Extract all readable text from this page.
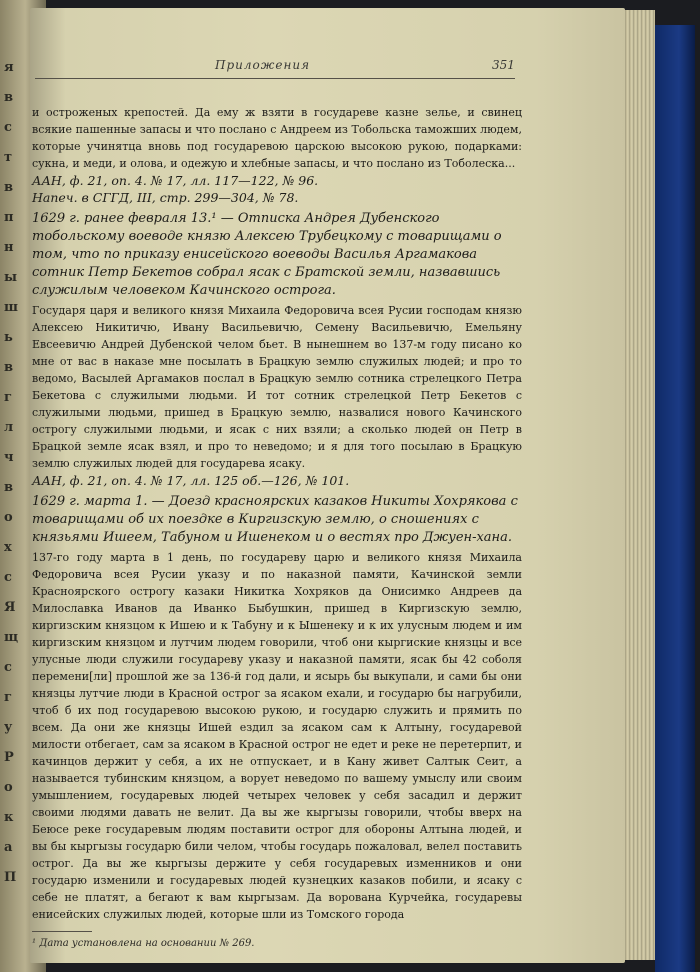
я
в
с
т
в
п
н
ы
ш
ь
в
г
л
ч
в
о
х
с
Я
щ
с
г
у
Р
о
к
а
П
Приложения	351

и остроженых крепостей. Да ему ж взяти в государеве казне зелье, и свинец всякие пашенные запасы и что послано с Андреем из Тобольска таможших людем, которые учинятца вновь под государевою царскою высокою рукою, подарками: сукна, и меди, и олова, и одежую и хлебные запасы, и что послано из Тоболеска...

ААН, ф. 21, оп. 4. № 17, лл. 117—122, № 96.

Напеч. в СГГД, III, стр. 299—304, № 78.

1629 г. ранее февраля 13.¹ — Отписка Андрея Дубенского тобольскому воеводе князю Алексею Трубецкому с товарищами о том, что по приказу енисейского воеводы Василья Аргамакова сотник Петр Бекетов собрал ясак с Братской земли, назвавшись служилым человеком Качинского острога.

Государя царя и великого князя Михаила Федоровича всея Русии господам князю Алексею Никитичю, Ивану Васильевичю, Семену Васильевичю, Емельяну Евсеевичю Андрей Дубенской челом бьет. В нынешнем во 137-м году писано ко мне от вас в наказе мне посылать в Брацкую землю служилых людей; и про то ведомо, Васылей Аргамаков послал в Брацкую землю сотника стрелецкого Петра Бекетова с служилыми людьми. И тот сотник стрелецкой Петр Бекетов с служилыми людьми, пришед в Брацкую землю, назвалися нового Качинского острогу служилыми людьми, и ясак с них взяли; а сколько людей он Петр в Брацкой земле ясак взял, и про то неведомо; и я для того посылаю в Брацкую землю служилых людей для государева ясаку.

ААН, ф. 21, оп. 4. № 17, лл. 125 об.—126, № 101.

1629 г. марта 1. — Доезд красноярских казаков Никиты Хохрякова с товарищами об их поездке в Киргизскую землю, о сношениях с князьями Ишеем, Табуном и Ишенеком и о вестях про Джуен-хана.

137-го году марта в 1 день, по государеву царю и великого князя Михаила Федоровича всея Русии указу и по наказной памяти, Качинской земли Красноярского острогу казаки Никитка Хохряков да Онисимко Андреев да Милославка Иванов да Иванко Быбушкин, пришед в Киргизскую землю, киргизским князцом к Ишею и к Табуну и к Ышенеку и к их улусным людем и им киргизским князцом и лутчим людем говорили, чтоб они кыргиские князцы и все улусные люди служили государеву указу и наказной памяти, ясак бы 42 соболя перемени[ли] прошлой же за 136-й год дали, и ясырь бы выкупали, и сами бы они князцы лутчие люди в Красной острог за ясаком ехали, и государю бы нагрубили, чтоб б их под государевою высокою рукою, и государю служить и прямить по всем. Да они же князцы Ишей ездил за ясаком сам к Алтыну, государевой милости отбегает, сам за ясаком в Красной острог не едет и реке не перетерпит, и качинцов держит у себя, а их не отпускает, и в Кану живет Салтык Сеит, а называется тубинским князцом, а ворует неведомо по вашему умыслу или своим умышлением, государевых людей четырех человек у себя засадил и держит своими людями давать не велит. Да вы же кыргызы говорили, чтобы вверх на Беюсе реке государевым людям поставити острог для обороны Алтына людей, и вы бы кыргызы государю били челом, чтобы государь пожаловал, велел поставить острог. Да вы же кыргызы держите у себя государевых изменников и они государю изменили и государевых людей кузнецких казаков побили, и ясаку с себе не платят, а бегают к вам кыргызам. Да ворована Курчейка, государевы енисейских служилых людей, которые шли из Томского города

¹ Дата установлена на основании № 269.
